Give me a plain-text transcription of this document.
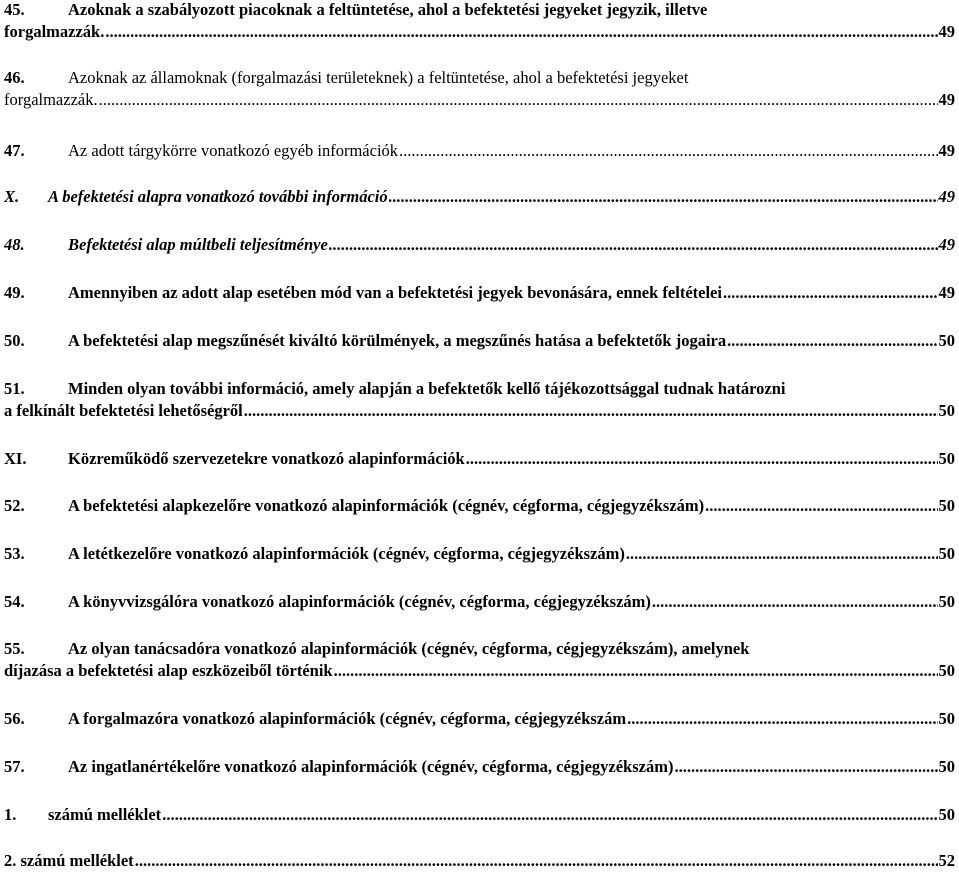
45.	Azoknak a szabályozott piacoknak a feltüntetése, ahol a befektetési jegyeket jegyzik, illetve
forgalmazzák. .....	49
46.	Azoknak az államoknak (forgalmazási területeknek) a feltüntetése, ahol a befektetési jegyeket
forgalmazzák. .....	49
47.	Az adott tárgykörre vonatkozó egyéb információk .....	49
X. A befektetési alapra vonatkozó további információ .....	49
48.	Befektetési alap múltbeli teljesítménye .....	49
49.	Amennyiben az adott alap esetében mód van a befektetési jegyek bevonására, ennek feltételei .....	49
50.	A befektetési alap megszűnését kiváltó körülmények, a megszűnés hatása a befektetők jogaira .....	50
51.	Minden olyan további információ, amely alapján a befektetők kellő tájékozottsággal tudnak határozni
a felkínált befektetési lehetőségről .....	50
XI.	Közreműködő szervezetekre vonatkozó alapinformációk .....	50
52.	A befektetési alapkezelőre vonatkozó alapinformációk (cégnév, cégforma, cégjegyzékszám) .....	50
53.	A letétkezelőre vonatkozó alapinformációk (cégnév, cégforma, cégjegyzékszám) .....	50
54.	A könyvvizsgálóra vonatkozó alapinformációk (cégnév, cégforma, cégjegyzékszám) .....	50
55.	Az olyan tanácsadóra vonatkozó alapinformációk (cégnév, cégforma, cégjegyzékszám), amelynek
díjazása a befektetési alap eszközeiből történik .....	50
56.	A forgalmazóra vonatkozó alapinformációk (cégnév, cégforma, cégjegyzékszám .....	50
57.	Az ingatlanértékelőre vonatkozó alapinformációk (cégnév, cégforma, cégjegyzékszám) .....	50
1. számú melléklet .....	50
2. számú melléklet .....	52
